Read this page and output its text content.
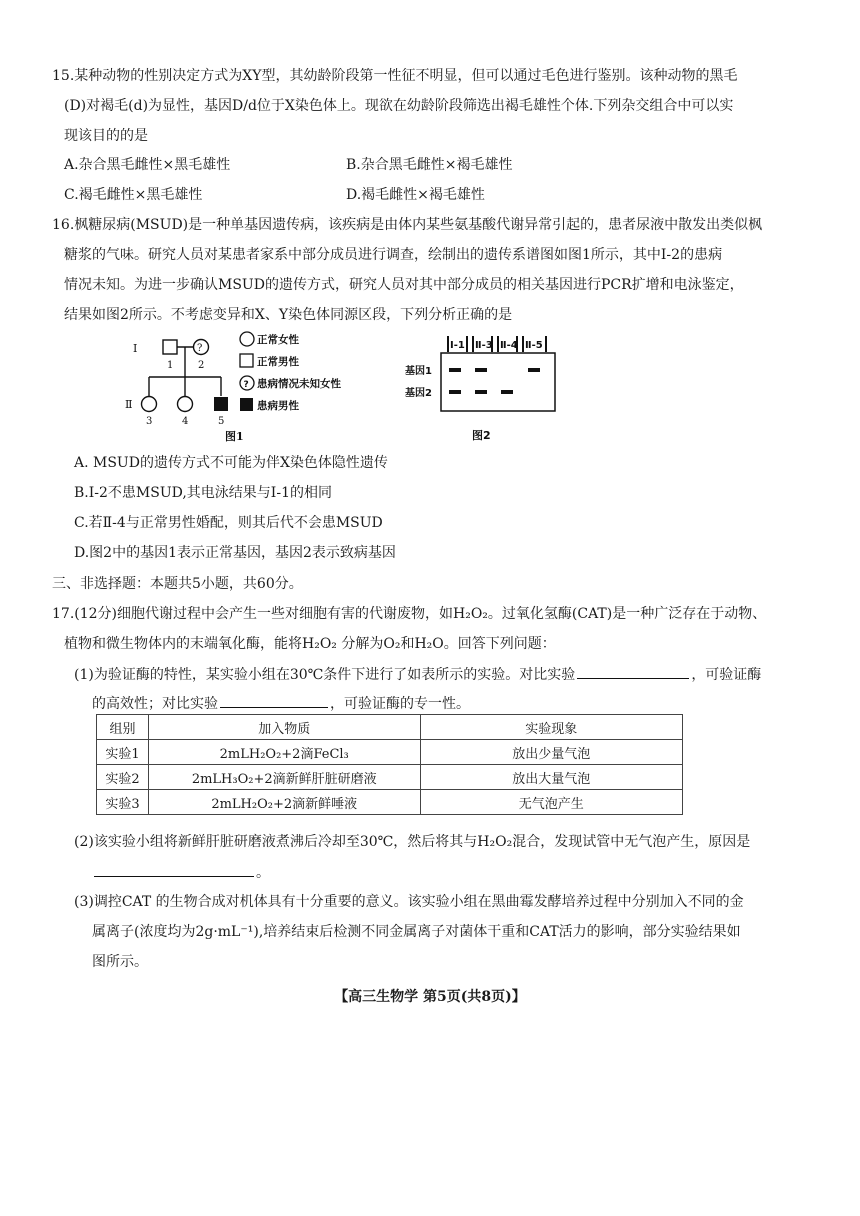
15.某种动物的性别决定方式为XY型，其幼龄阶段第一性征不明显，但可以通过毛色进行鉴别。该种动物的黑毛
(D)对褐毛(d)为显性，基因D/d位于X染色体上。现欲在幼龄阶段筛选出褐毛雄性个体.下列杂交组合中可以实
现该目的的是
A.杂合黑毛雌性×黑毛雄性	B.杂合黑毛雌性×褐毛雄性
C.褐毛雌性×黑毛雄性	D.褐毛雌性×褐毛雄性
16.枫糖尿病(MSUD)是一种单基因遗传病，该疾病是由体内某些氨基酸代谢异常引起的，患者尿液中散发出类似枫
糖浆的气味。研究人员对某患者家系中部分成员进行调查，绘制出的遗传系谱图如图1所示，其中Ⅰ-2的患病
情况未知。为进一步确认MSUD的遗传方式，研究人员对其中部分成员的相关基因进行PCR扩增和电泳鉴定，
结果如图2所示。不考虑变异和X、Y染色体同源区段，下列分析正确的是
Ⅰ
Ⅱ
?
1 2
3	4	5
图1
?
正常女性
正常男性
患病情况未知女性
患病男性
Ⅰ-1 Ⅱ-3 Ⅱ-4 Ⅱ-5
基因1
基因2
图2
A. MSUD的遗传方式不可能为伴X染色体隐性遗传
B.Ⅰ-2不患MSUD,其电泳结果与Ⅰ-1的相同
C.若Ⅱ-4与正常男性婚配，则其后代不会患MSUD
D.图2中的基因1表示正常基因，基因2表示致病基因
三、非选择题：本题共5小题，共60分。
17.(12分)细胞代谢过程中会产生一些对细胞有害的代谢废物，如H₂O₂。过氧化氢酶(CAT)是一种广泛存在于动物、
植物和微生物体内的末端氧化酶，能将H₂O₂ 分解为O₂和H₂O。回答下列问题：
(1)为验证酶的特性，某实验小组在30℃条件下进行了如表所示的实验。对比实验	，可验证酶
的高效性；对比实验	，可验证酶的专一性。
组别	加入物质	实验现象
实验1	2mLH₂O₂+2滴FeCl₃	放出少量气泡
实验2	2mLH₃O₂+2滴新鲜肝脏研磨液	放出大量气泡
实验3	2mLH₂O₂+2滴新鲜唾液	无气泡产生
(2)该实验小组将新鲜肝脏研磨液煮沸后冷却至30℃，然后将其与H₂O₂混合，发现试管中无气泡产生，原因是
。
(3)调控CAT 的生物合成对机体具有十分重要的意义。该实验小组在黑曲霉发酵培养过程中分别加入不同的金
属离子(浓度均为2g·mL⁻¹),培养结束后检测不同金属离子对菌体干重和CAT活力的影响，部分实验结果如
图所示。
【高三生物学 第5页(共8页)】
